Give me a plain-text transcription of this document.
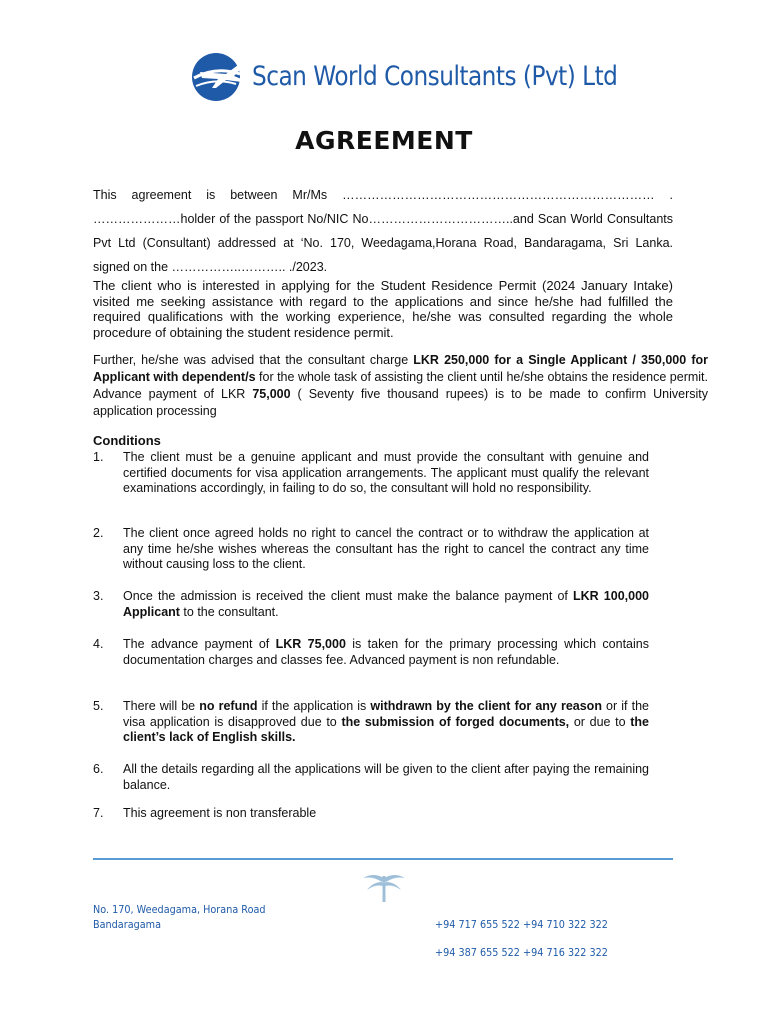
Scan World Consultants (Pvt) Ltd
AGREEMENT
This agreement is between Mr/Ms ………………………………………………………………… . …………………holder of the passport No/NIC No……………………………..and Scan World Consultants Pvt Ltd (Consultant) addressed at ‘No. 170, Weedagama,Horana Road, Bandaragama, Sri Lanka. signed on the ……………..……….. ./2023.
The client who is interested in applying for the Student Residence Permit (2024 January Intake) visited me seeking assistance with regard to the applications and since he/she had fulfilled the required qualifications with the working experience, he/she was consulted regarding the whole procedure of obtaining the student residence permit.
Further, he/she was advised that the consultant charge LKR 250,000 for a Single Applicant / 350,000 for Applicant with dependent/s for the whole task of assisting the client until he/she obtains the residence permit. Advance payment of LKR 75,000 ( Seventy five thousand rupees) is to be made to confirm University application processing
Conditions
1.	The client must be a genuine applicant and must provide the consultant with genuine and certified documents for visa application arrangements. The applicant must qualify the relevant examinations accordingly, in failing to do so, the consultant will hold no responsibility.
2.	The client once agreed holds no right to cancel the contract or to withdraw the application at any time he/she wishes whereas the consultant has the right to cancel the contract any time without causing loss to the client.
3.	Once the admission is received the client must make the balance payment of LKR 100,000 Applicant to the consultant.
4.	The advance payment of LKR 75,000 is taken for the primary processing which contains documentation charges and classes fee. Advanced payment is non refundable.
5.	There will be no refund if the application is withdrawn by the client for any reason or if the visa application is disapproved due to the submission of forged documents, or due to the client’s lack of English skills.
6.	All the details regarding all the applications will be given to the client after paying the remaining balance.
7.	This agreement is non transferable
No. 170, Weedagama, Horana Road
Bandaragama	+94 717 655 522 +94 710 322 322
+94 387 655 522 +94 716 322 322
